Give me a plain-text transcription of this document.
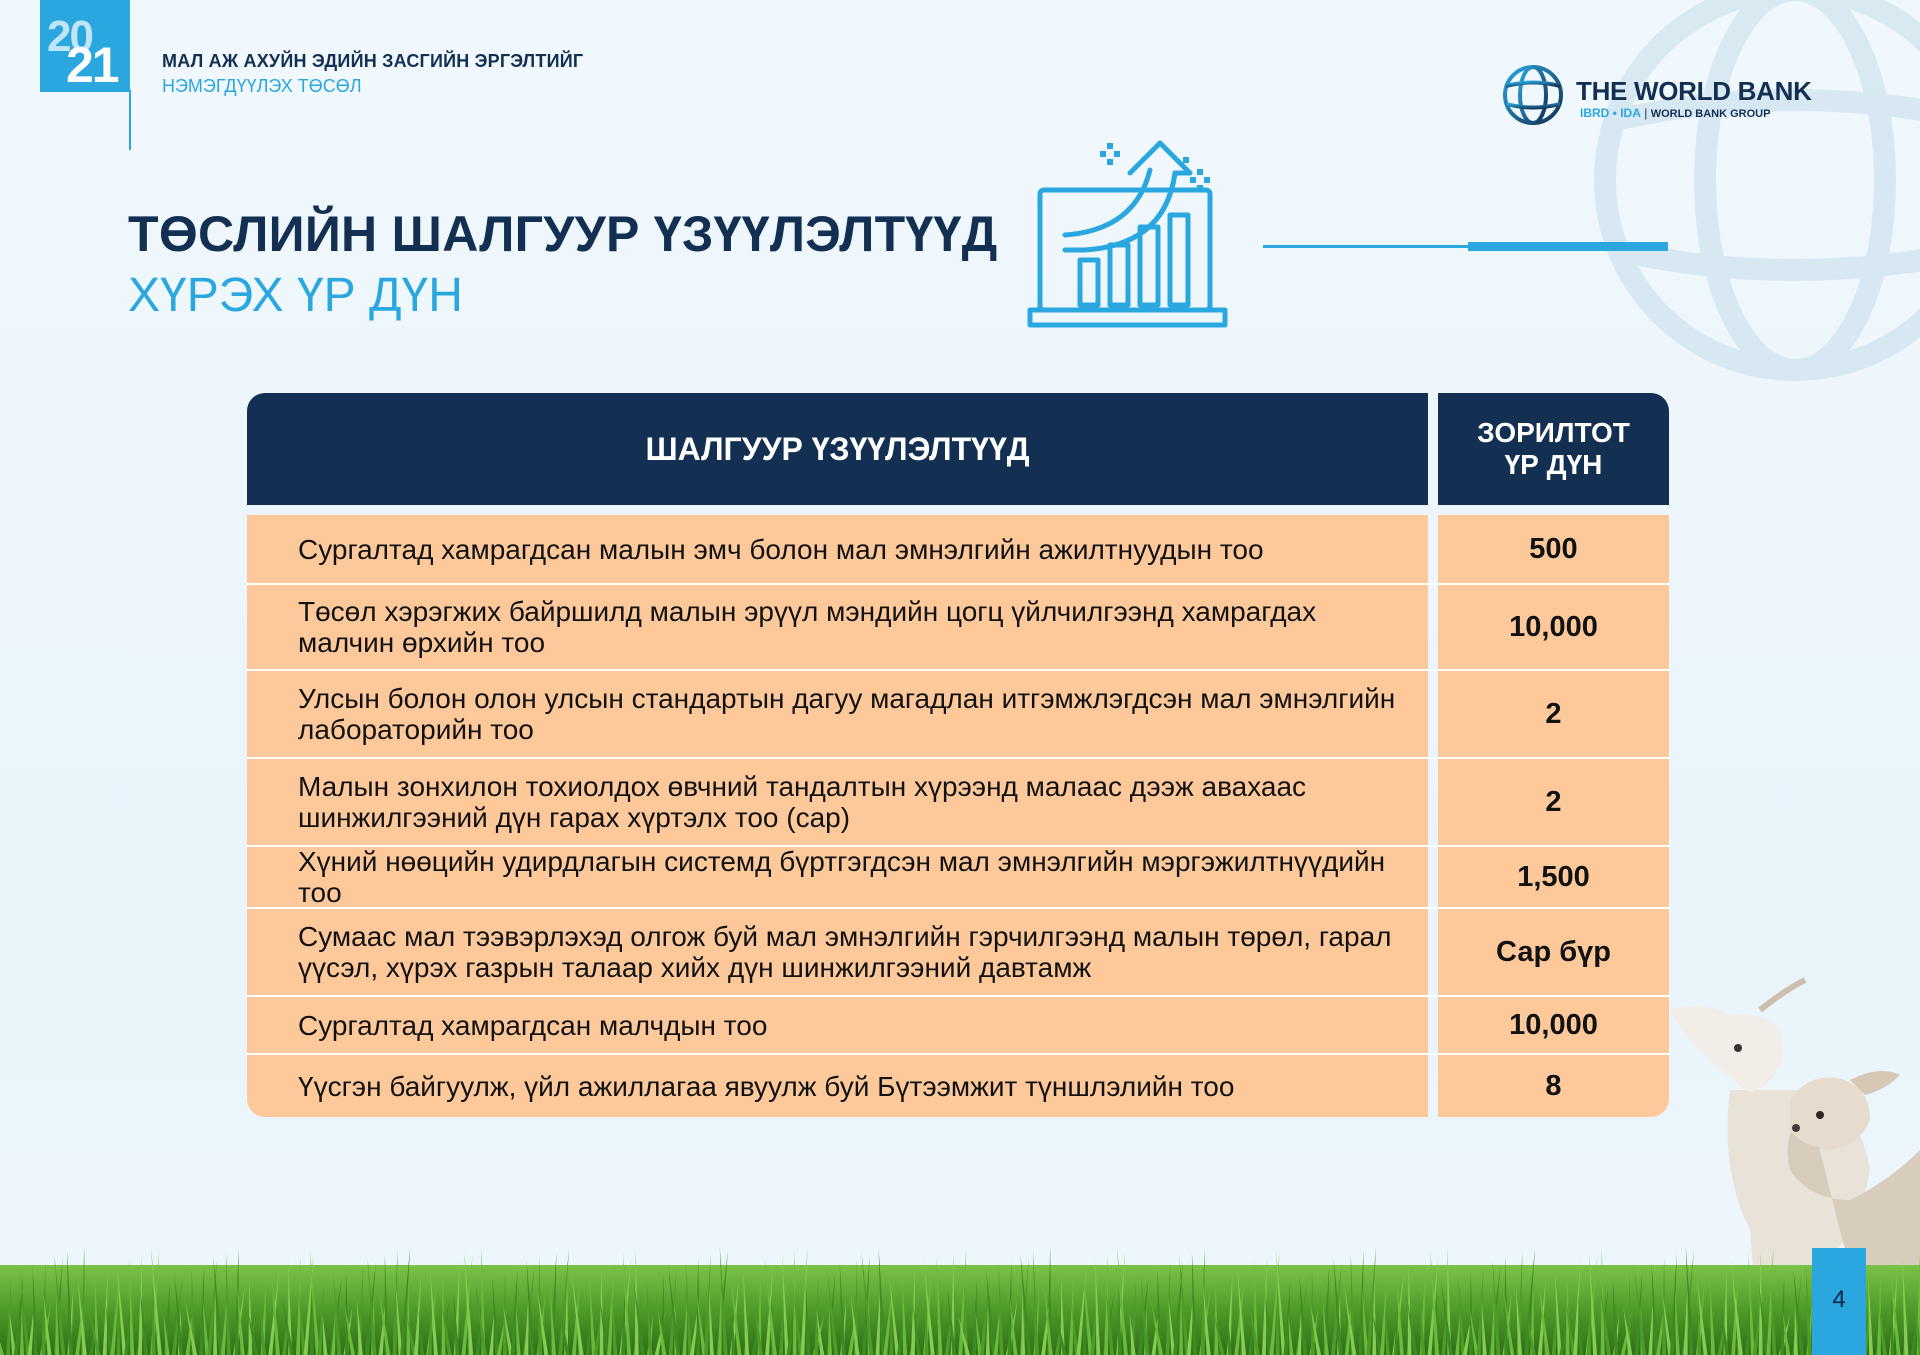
20
21 МАЛ АЖ АХУЙН ЭДИЙН ЗАСГИЙН ЭРГЭЛТИЙГ
НЭМЭГДҮҮЛЭХ ТӨСӨЛ	THE WORLD BANK
IBRD • IDA | WORLD BANK GROUP
ТӨСЛИЙН ШАЛГУУР ҮЗҮҮЛЭЛТҮҮД
ХҮРЭХ ҮР ДҮН
ШАЛГУУР ҮЗҮҮЛЭЛТҮҮД	ЗОРИЛТОТ
ҮР ДҮН
Сургалтад хамрагдсан малын эмч болон мал эмнэлгийн ажилтнуудын тоо	500
Төсөл хэрэгжих байршилд малын эрүүл мэндийн цогц үйлчилгээнд хамрагдах малчин өрхийн тоо	10,000
Улсын болон олон улсын стандартын дагуу магадлан итгэмжлэгдсэн мал эмнэлгийн лабораторийн тоо	2
Малын зонхилон тохиолдох өвчний тандалтын хүрээнд малаас дээж авахаас шинжилгээний дүн гарах хүртэлх тоо (сар)	2
Хүний нөөцийн удирдлагын системд бүртгэгдсэн мал эмнэлгийн мэргэжилтнүүдийн тоо	1,500
Сумаас мал тээвэрлэхэд олгож буй мал эмнэлгийн гэрчилгээнд малын төрөл, гарал үүсэл, хүрэх газрын талаар хийх дүн шинжилгээний давтамж	Сар бүр
Сургалтад хамрагдсан малчдын тоо	10,000
Үүсгэн байгуулж, үйл ажиллагаа явуулж буй Бүтээмжит түншлэлийн тоо	8
4
